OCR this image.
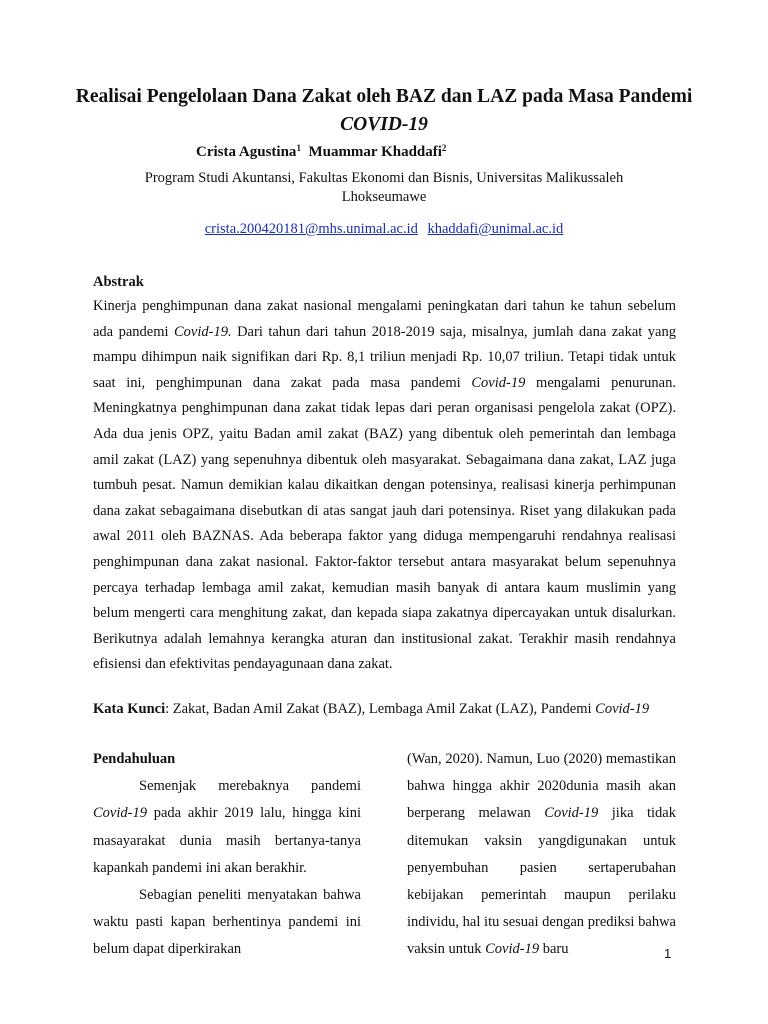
Realisai Pengelolaan Dana Zakat oleh BAZ dan LAZ pada Masa Pandemi
COVID-19
Crista Agustina$^1$ Muammar Khaddafi$^2$
Program Studi Akuntansi, Fakultas Ekonomi dan Bisnis, Universitas Malikussaleh Lhokseumawe
crista.200420181@mhs.unimal.ac.id khaddafi@unimal.ac.id
Abstrak

Kinerja penghimpunan dana zakat nasional mengalami peningkatan dari tahun ke tahun sebelum ada pandemi Covid-19. Dari tahun dari tahun 2018-2019 saja, misalnya, jumlah dana zakat yang mampu dihimpun naik signifikan dari Rp. 8,1 triliun menjadi Rp. 10,07 triliun. Tetapi tidak untuk saat ini, penghimpunan dana zakat pada masa pandemi Covid-19 mengalami penurunan. Meningkatnya penghimpunan dana zakat tidak lepas dari peran organisasi pengelola zakat (OPZ). Ada dua jenis OPZ, yaitu Badan amil zakat (BAZ) yang dibentuk oleh pemerintah dan lembaga amil zakat (LAZ) yang sepenuhnya dibentuk oleh masyarakat. Sebagaimana dana zakat, LAZ juga tumbuh pesat. Namun demikian kalau dikaitkan dengan potensinya, realisasi kinerja perhimpunan dana zakat sebagaimana disebutkan di atas sangat jauh dari potensinya. Riset yang dilakukan pada awal 2011 oleh BAZNAS. Ada beberapa faktor yang diduga mempengaruhi rendahnya realisasi penghimpunan dana zakat nasional. Faktor-faktor tersebut antara masyarakat belum sepenuhnya percaya terhadap lembaga amil zakat, kemudian masih banyak di antara kaum muslimin yang belum mengerti cara menghitung zakat, dan kepada siapa zakatnya dipercayakan untuk disalurkan. Berikutnya adalah lemahnya kerangka aturan dan institusional zakat. Terakhir masih rendahnya efisiensi dan efektivitas pendayagunaan dana zakat.

Kata Kunci: Zakat, Badan Amil Zakat (BAZ), Lembaga Amil Zakat (LAZ), Pandemi Covid-19

Pendahuluan

Semenjak merebaknya pandemi Covid-19 pada akhir 2019 lalu, hingga kini masayarakat dunia masih bertanya-tanya kapankah pandemi ini akan berakhir.

Sebagian peneliti menyatakan bahwa waktu pasti kapan berhentinya pandemi ini belum dapat diperkirakan

(Wan, 2020). Namun, Luo (2020) memastikan bahwa hingga akhir 2020dunia masih akan berperang melawan Covid-19 jika tidak ditemukan vaksin yangdigunakan untuk penyembuhan pasien sertaperubahan kebijakan pemerintah maupun perilaku individu, hal itu sesuai dengan prediksi bahwa vaksin untuk Covid-19 baru	1
